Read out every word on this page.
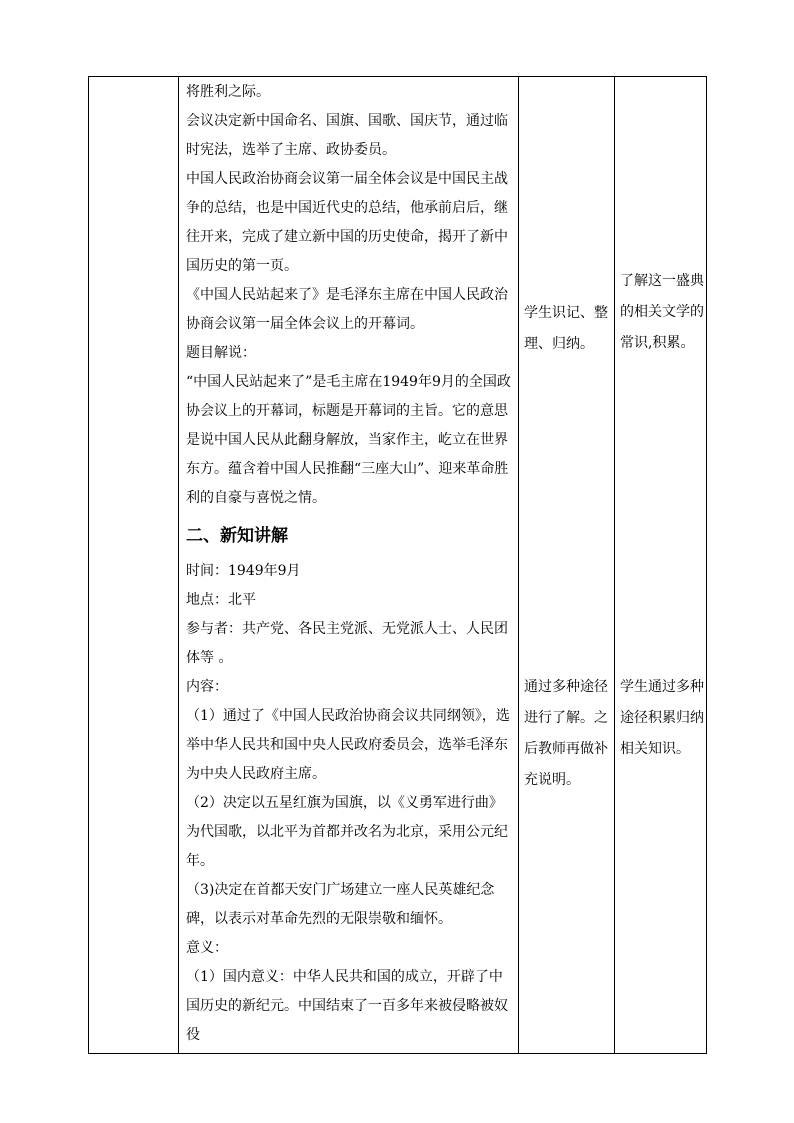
将胜利之际。

会议决定新中国命名、国旗、国歌、国庆节，通过临时宪法，选举了主席、政协委员。

中国人民政治协商会议第一届全体会议是中国民主战争的总结，也是中国近代史的总结，他承前启后，继往开来，完成了建立新中国的历史使命，揭开了新中国历史的第一页。

《中国人民站起来了》是毛泽东主席在中国人民政治协商会议第一届全体会议上的开幕词。

题目解说：

“中国人民站起来了”是毛主席在1949年9月的全国政协会议上的开幕词，标题是开幕词的主旨。它的意思是说中国人民从此翻身解放，当家作主，屹立在世界东方。蕴含着中国人民推翻“三座大山”、迎来革命胜利的自豪与喜悦之情。

二、新知讲解

时间：1949年9月

地点：北平

参与者：共产党、各民主党派、无党派人士、人民团体等 。

内容：

（1）通过了《中国人民政治协商会议共同纲领》，选举中华人民共和国中央人民政府委员会，选举毛泽东为中央人民政府主席。

（2）决定以五星红旗为国旗，以《义勇军进行曲》为代国歌，以北平为首都并改名为北京，采用公元纪年。

（3)决定在首都天安门广场建立一座人民英雄纪念碑，以表示对革命先烈的无限崇敬和缅怀。

意义：

（1）国内意义：中华人民共和国的成立，开辟了中国历史的新纪元。中国结束了一百多年来被侵略被奴役

学生识记、整理、归纳。

通过多种途径进行了解。之后教师再做补充说明。

了解这一盛典的相关文学的常识,积累。

学生通过多种途径积累归纳相关知识。
